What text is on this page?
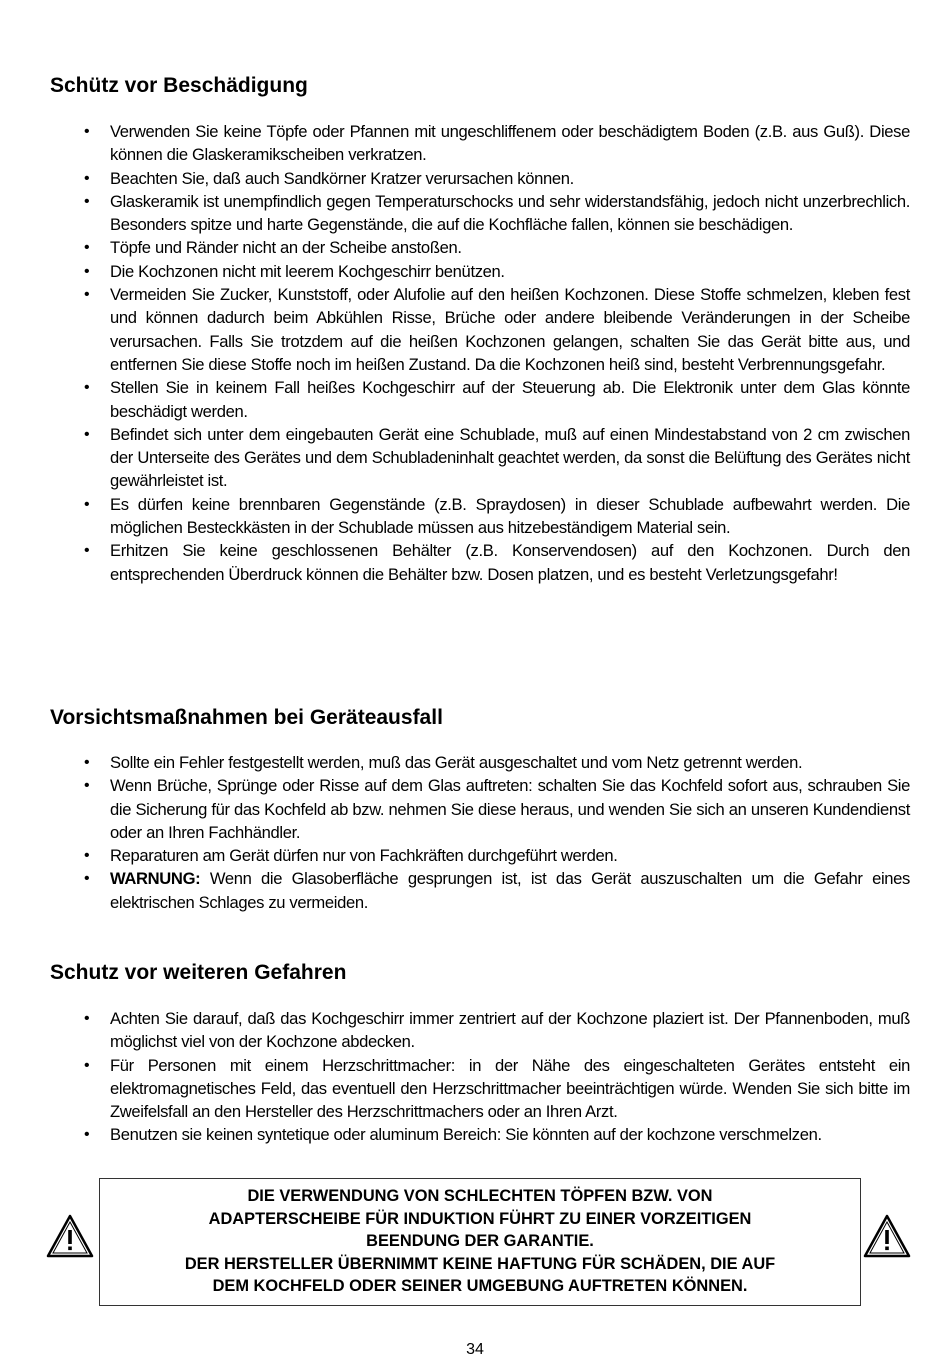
Schütz vor Beschädigung
• Verwenden Sie keine Töpfe oder Pfannen mit ungeschliffenem oder beschädigtem Boden (z.B. aus Guß). Diese können die Glaskeramikscheiben verkratzen.
• Beachten Sie, daß auch Sandkörner Kratzer verursachen können.
• Glaskeramik ist unempfindlich gegen Temperaturschocks und sehr widerstandsfähig, jedoch nicht unzerbrechlich. Besonders spitze und harte Gegenstände, die auf die Kochfläche fallen, können sie beschädigen.
• Töpfe und Ränder nicht an der Scheibe anstoßen.
• Die Kochzonen nicht mit leerem Kochgeschirr benützen.
• Vermeiden Sie Zucker, Kunststoff, oder Alufolie auf den heißen Kochzonen. Diese Stoffe schmelzen, kleben fest und können dadurch beim Abkühlen Risse, Brüche oder andere bleibende Veränderungen in der Scheibe verursachen. Falls Sie trotzdem auf die heißen Kochzonen gelangen, schalten Sie das Gerät bitte aus, und entfernen Sie diese Stoffe noch im heißen Zustand. Da die Kochzonen heiß sind, besteht Verbrennungsgefahr.
• Stellen Sie in keinem Fall heißes Kochgeschirr auf der Steuerung ab. Die Elektronik unter dem Glas könnte beschädigt werden.
• Befindet sich unter dem eingebauten Gerät eine Schublade, muß auf einen Mindestabstand von 2 cm zwischen der Unterseite des Gerätes und dem Schubladeninhalt geachtet werden, da sonst die Belüftung des Gerätes nicht gewährleistet ist.
• Es dürfen keine brennbaren Gegenstände (z.B. Spraydosen) in dieser Schublade aufbewahrt werden. Die möglichen Besteckkästen in der Schublade müssen aus hitzebeständigem Material sein.
• Erhitzen Sie keine geschlossenen Behälter (z.B. Konservendosen) auf den Kochzonen. Durch den entsprechenden Überdruck können die Behälter bzw. Dosen platzen, und es besteht Verletzungsgefahr!
Vorsichtsmaßnahmen bei Geräteausfall
• Sollte ein Fehler festgestellt werden, muß das Gerät ausgeschaltet und vom Netz getrennt werden.
• Wenn Brüche, Sprünge oder Risse auf dem Glas auftreten: schalten Sie das Kochfeld sofort aus, schrauben Sie die Sicherung für das Kochfeld ab bzw. nehmen Sie diese heraus, und wenden Sie sich an unseren Kundendienst oder an Ihren Fachhändler.
• Reparaturen am Gerät dürfen nur von Fachkräften durchgeführt werden.
• WARNUNG: Wenn die Glasoberfläche gesprungen ist, ist das Gerät auszuschalten um die Gefahr eines elektrischen Schlages zu vermeiden.
Schutz vor weiteren Gefahren
• Achten Sie darauf, daß das Kochgeschirr immer zentriert auf der Kochzone plaziert ist. Der Pfannenboden, muß möglichst viel von der Kochzone abdecken.
• Für Personen mit einem Herzschrittmacher: in der Nähe des eingeschalteten Gerätes entsteht ein elektromagnetisches Feld, das eventuell den Herzschrittmacher beeinträchtigen würde. Wenden Sie sich bitte im Zweifelsfall an den Hersteller des Herzschrittmachers oder an Ihren Arzt.
• Benutzen sie keinen syntetique oder aluminum Bereich: Sie könnten auf der kochzone verschmelzen.
DIE VERWENDUNG VON SCHLECHTEN TÖPFEN BZW. VON
ADAPTERSCHEIBE FÜR INDUKTION FÜHRT ZU EINER VORZEITIGEN
BEENDUNG DER GARANTIE.
DER HERSTELLER ÜBERNIMMT KEINE HAFTUNG FÜR SCHÄDEN, DIE AUF
DEM KOCHFELD ODER SEINER UMGEBUNG AUFTRETEN KÖNNEN.
34
